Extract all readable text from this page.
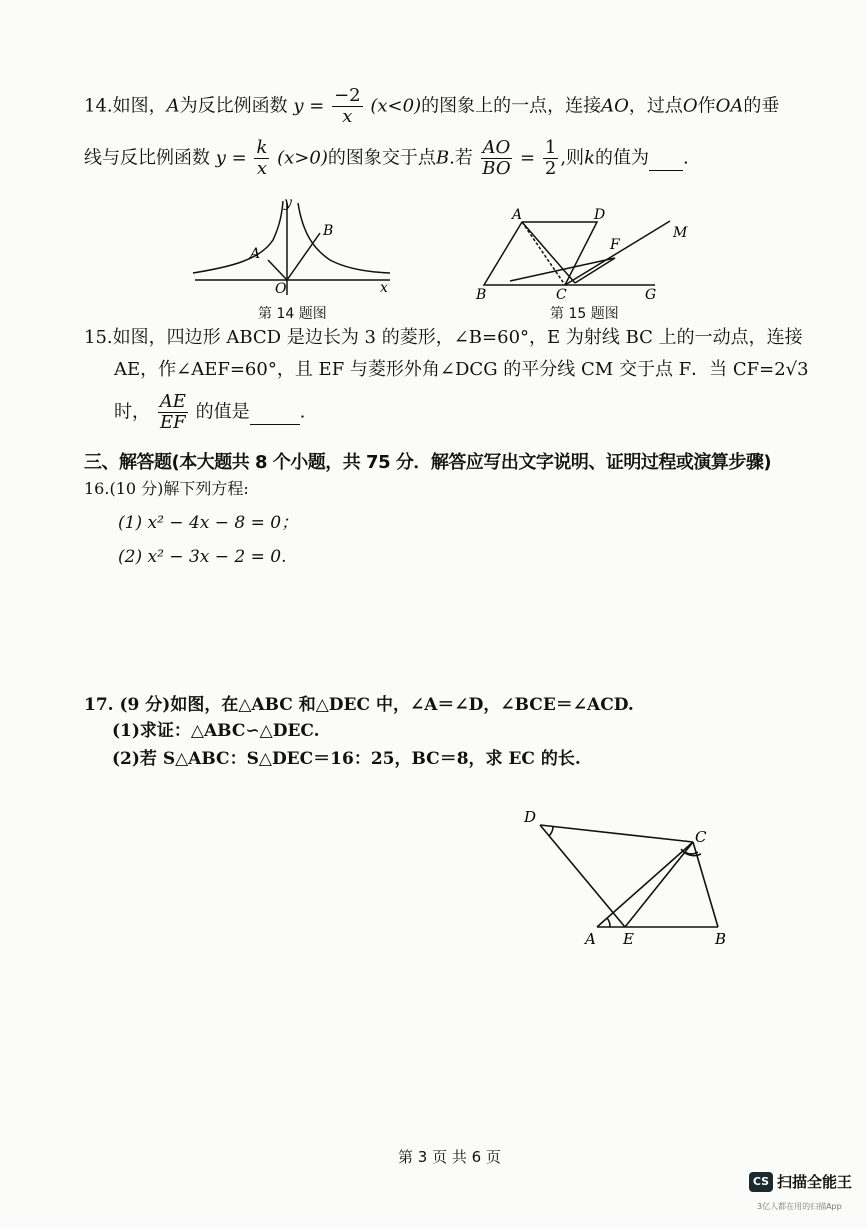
14.如图，A为反比例函数 $y = \frac{-2}{x} (x<0)$的图象上的一点，连接AO，过点O作OA的垂
线与反比例函数 $y = \frac{k}{x} (x>0)$的图象交于点B.若 $\frac{AO}{BO} = \frac{1}{2}$ ,则k的值为 .
y
x
O
A
B
第 14 题图
A	D
M
F
B	C	G
第 15 题图
15.如图，四边形 ABCD 是边长为 3 的菱形，∠B=60°，E 为射线 BC 上的一动点，连接
AE，作∠AEF=60°，且 EF 与菱形外角∠DCG 的平分线 CM 交于点 F．当 CF=2√3
时， $\frac{AE}{EF}$ 的值是	.
三、解答题(本大题共 8 个小题，共 75 分．解答应写出文字说明、证明过程或演算步骤)
16.(10 分)解下列方程:
(1) x² − 4x − 8 = 0；
(2) x² − 3x − 2 = 0.
17. (9 分)如图，在△ABC 和△DEC 中，∠A＝∠D，∠BCE＝∠ACD.
(1)求证：△ABC∽△DEC.
(2)若 S△ABC：S△DEC＝16：25，BC＝8，求 EC 的长.
D
C
A E	B
第 3 页 共 6 页
CS 扫描全能王
3亿人都在用的扫描App
